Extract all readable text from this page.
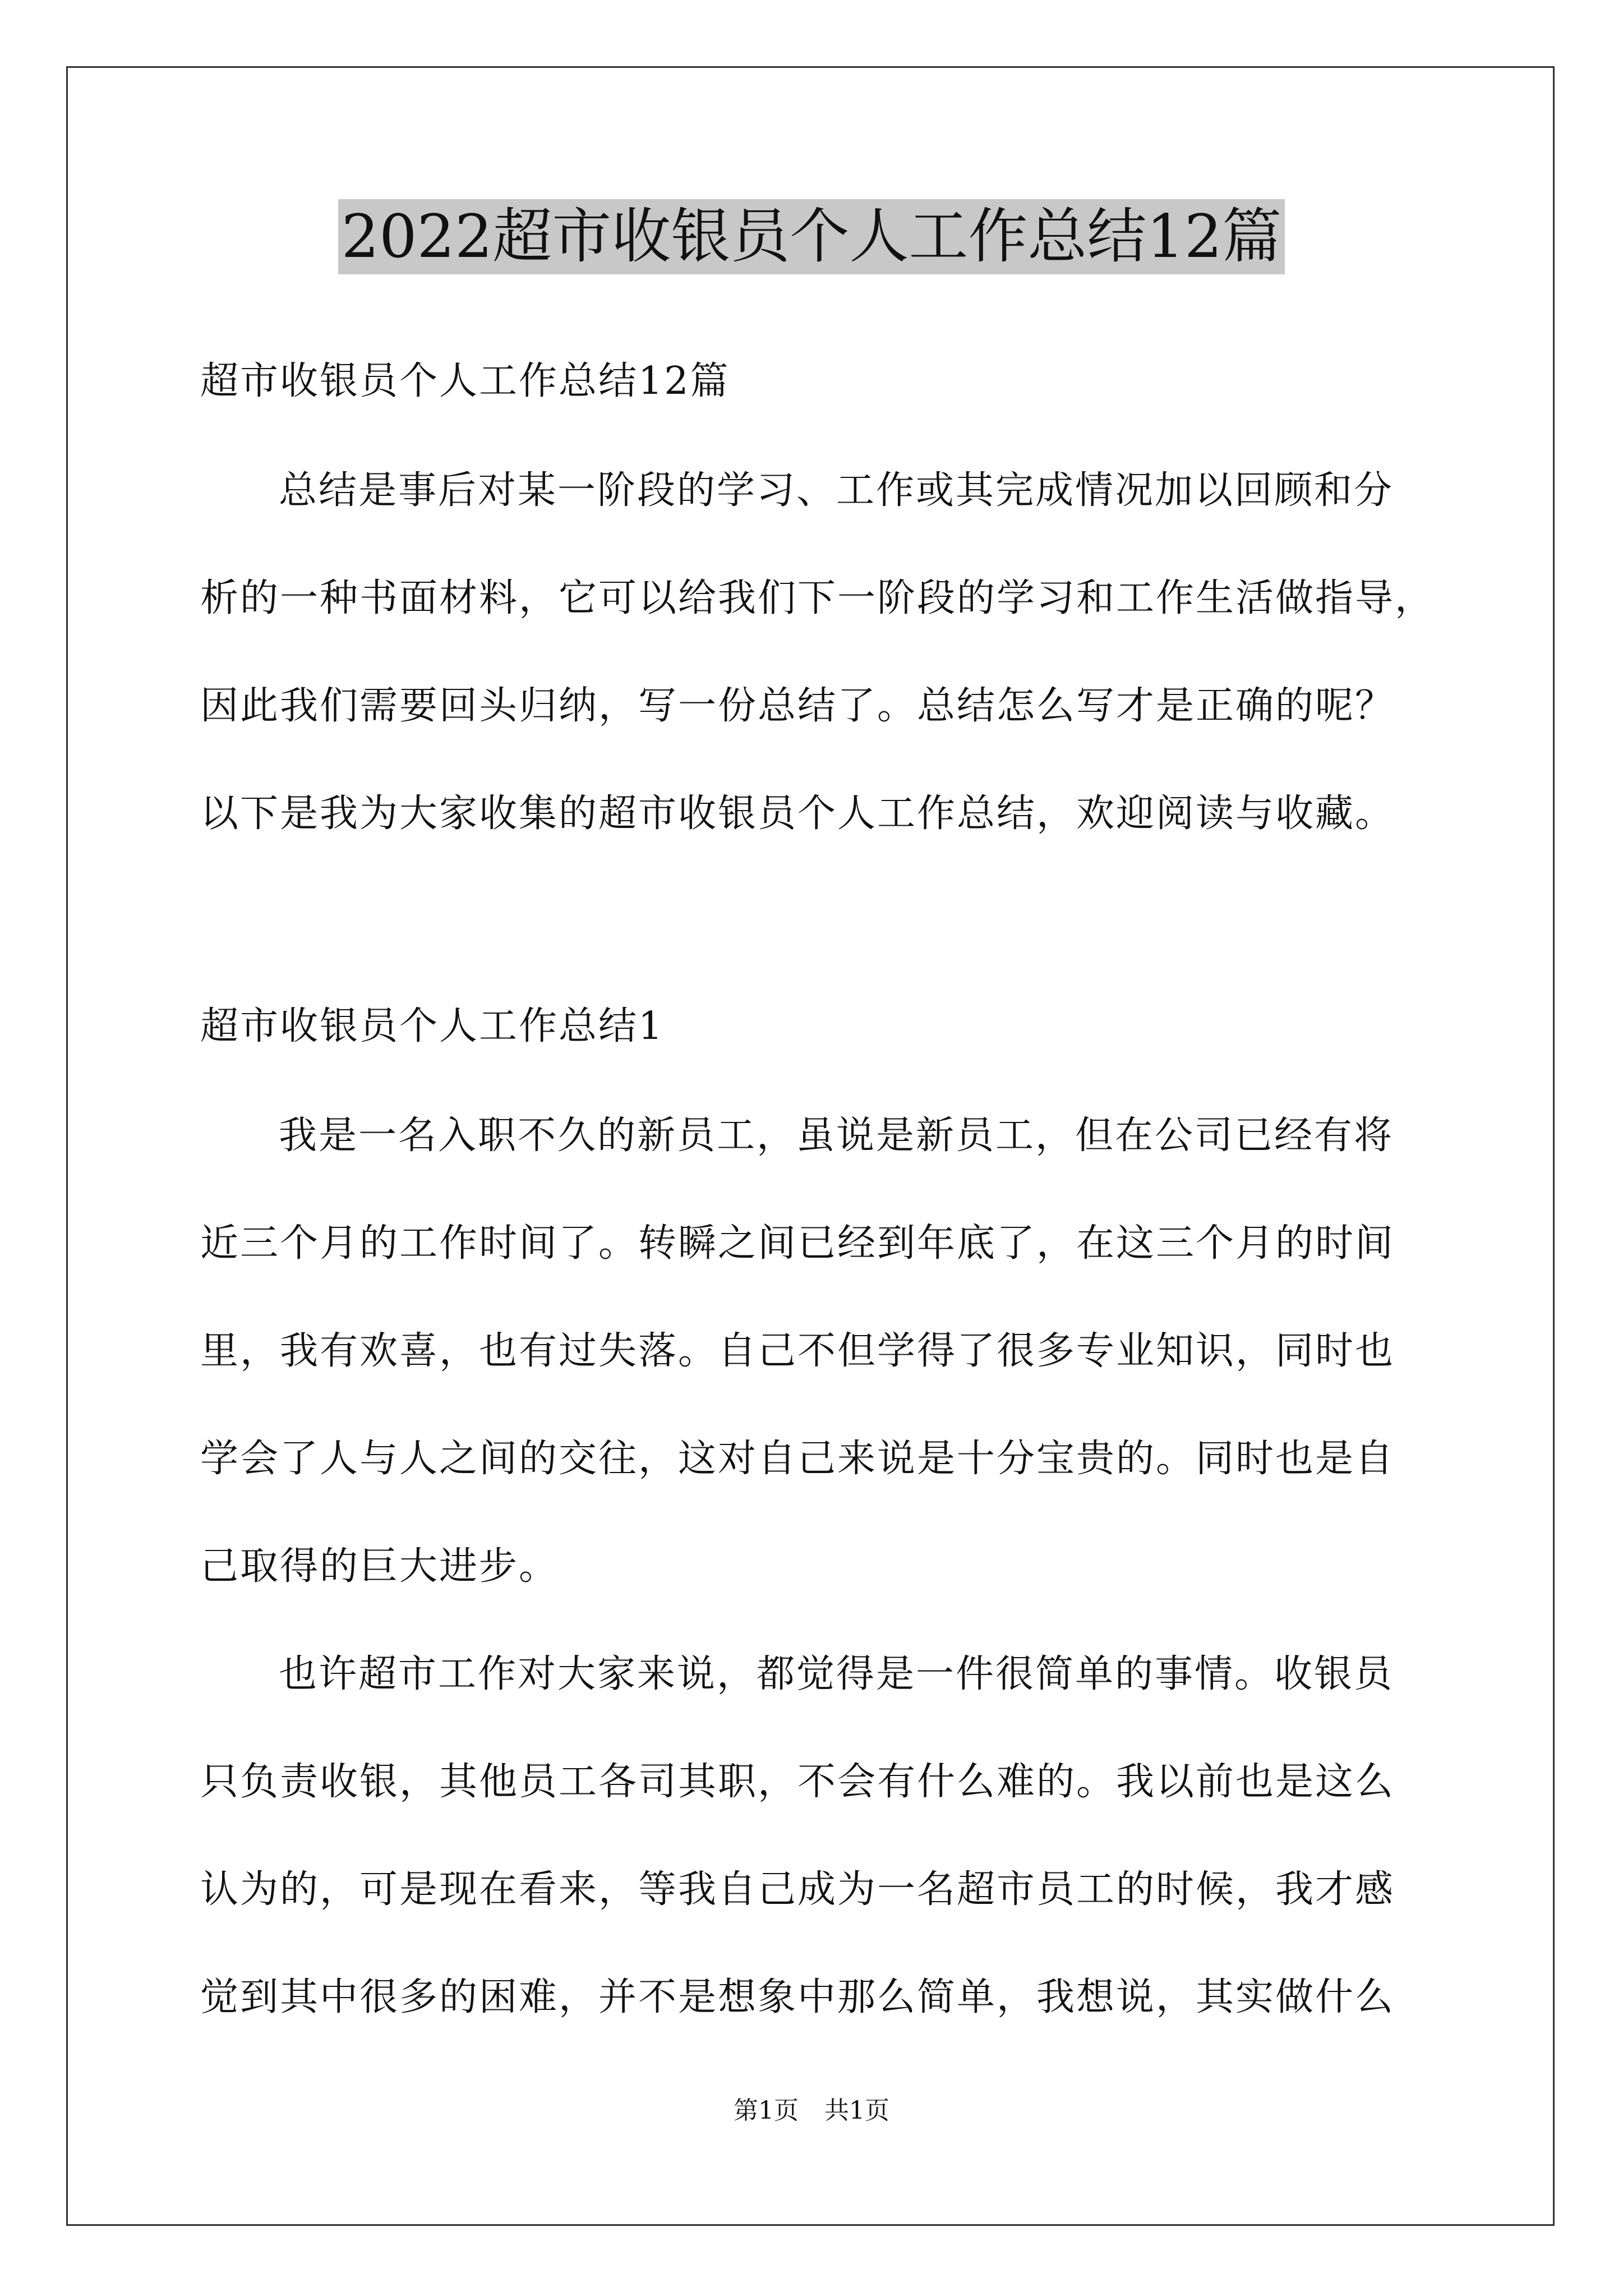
2022超市收银员个人工作总结12篇
超市收银员个人工作总结12篇
总结是事后对某一阶段的学习、工作或其完成情况加以回顾和分
析的一种书面材料，它可以给我们下一阶段的学习和工作生活做指导，
因此我们需要回头归纳，写一份总结了。总结怎么写才是正确的呢？
以下是我为大家收集的超市收银员个人工作总结，欢迎阅读与收藏。
超市收银员个人工作总结1
我是一名入职不久的新员工，虽说是新员工，但在公司已经有将
近三个月的工作时间了。转瞬之间已经到年底了，在这三个月的时间
里，我有欢喜，也有过失落。自己不但学得了很多专业知识，同时也
学会了人与人之间的交往，这对自己来说是十分宝贵的。同时也是自
己取得的巨大进步。
也许超市工作对大家来说，都觉得是一件很简单的事情。收银员
只负责收银，其他员工各司其职，不会有什么难的。我以前也是这么
认为的，可是现在看来，等我自己成为一名超市员工的时候，我才感
觉到其中很多的困难，并不是想象中那么简单，我想说，其实做什么
第1页 共1页
